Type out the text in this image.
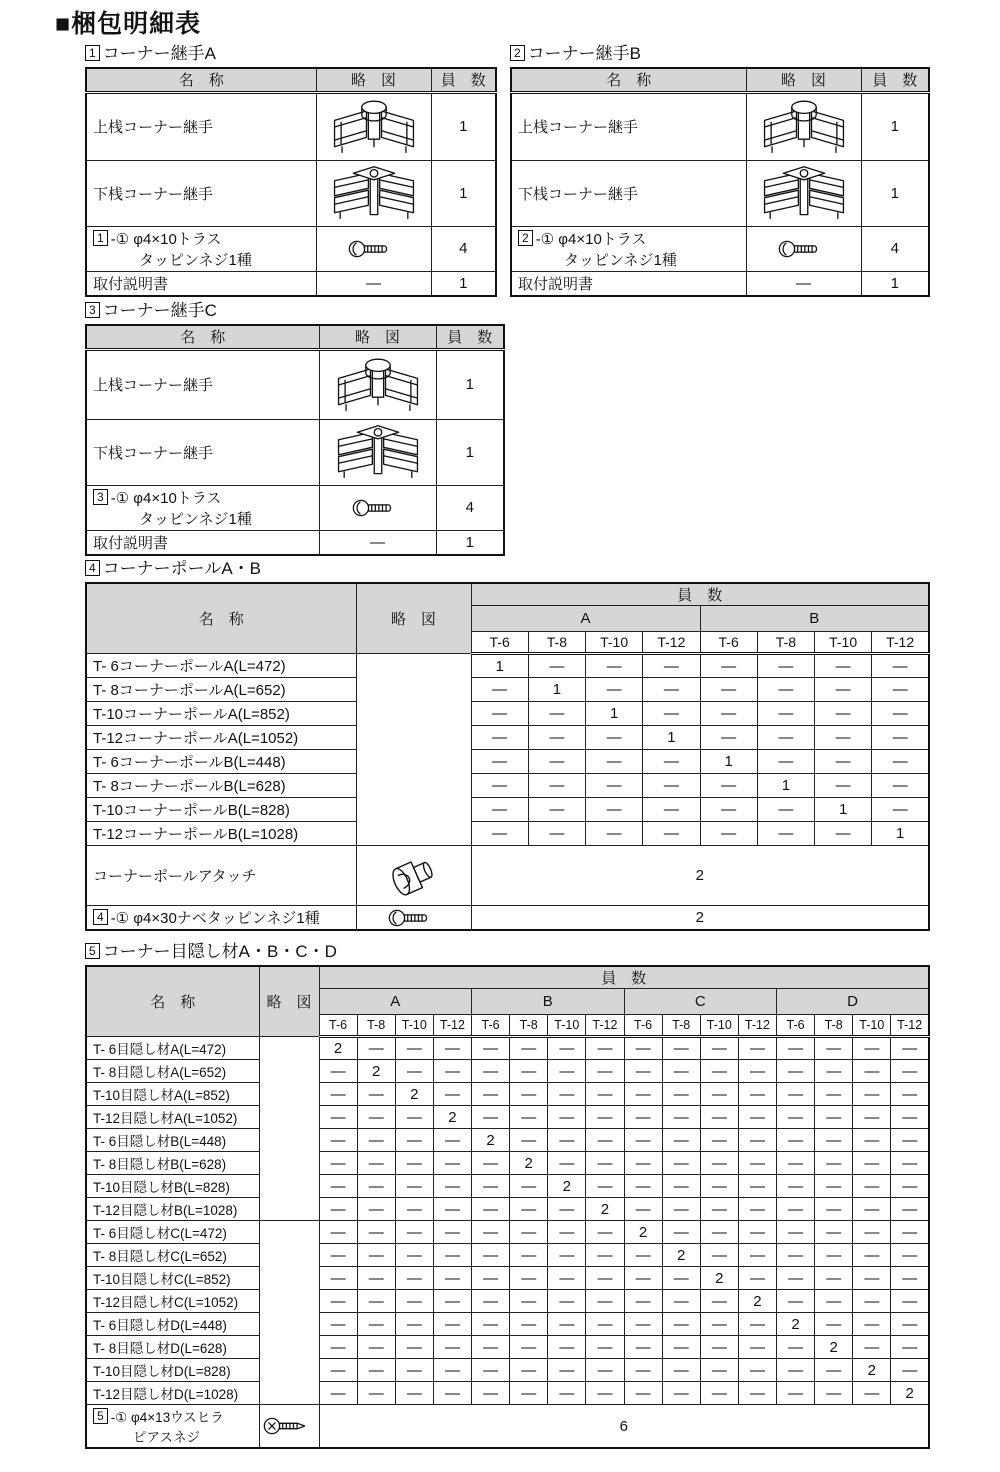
■梱包明細表
1 コーナー継手A
名　称	略　図	員　数
上桟コーナー継手		1
下桟コーナー継手		1

1 -① φ4×10トラス
タッピンネジ1種		4
取付説明書	—	1
2 コーナー継手B
名　称	略　図	員　数
上桟コーナー継手		1
下桟コーナー継手		1

2 -① φ4×10トラス
タッピンネジ1種		4
取付説明書	—	1
3 コーナー継手C
名　称	略　図	員　数
上桟コーナー継手		1
下桟コーナー継手		1

3 -① φ4×10トラス
タッピンネジ1種		4
取付説明書	—	1
4 コーナーポールA・B
名　称	略　図	員　数							
		A				B			
		T-6	T-8	T-10	T-12	T-6	T-8	T-10	T-12
T- 6コーナーポールA(L=472)		1	—	—	—	—	—	—	—
T- 8コーナーポールA(L=652)		—	1	—	—	—	—	—	—
T-10コーナーポールA(L=852)		—	—	1	—	—	—	—	—
T-12コーナーポールA(L=1052)		—	—	—	1	—	—	—	—
T- 6コーナーポールB(L=448)		—	—	—	—	1	—	—	—
T- 8コーナーポールB(L=628)		—	—	—	—	—	1	—	—
T-10コーナーポールB(L=828)		—	—	—	—	—	—	1	—
T-12コーナーポールB(L=1028)		—	—	—	—	—	—	—	1
コーナーポールアタッチ		2							
4 -① φ4×30ナベタッピンネジ1種		2							
5 コーナー目隠し材A・B・C・D
名　称	略　図	員　数															
		A				B				C				D			
		T-6	T-8	T-10	T-12	T-6	T-8	T-10	T-12	T-6	T-8	T-10	T-12	T-6	T-8	T-10	T-12
T- 6目隠し材A(L=472)		2	—	—	—	—	—	—	—	—	—	—	—	—	—	—	—
T- 8目隠し材A(L=652)		—	2	—	—	—	—	—	—	—	—	—	—	—	—	—	—
T-10目隠し材A(L=852)		—	—	2	—	—	—	—	—	—	—	—	—	—	—	—	—
T-12目隠し材A(L=1052)		—	—	—	2	—	—	—	—	—	—	—	—	—	—	—	—
T- 6目隠し材B(L=448)		—	—	—	—	2	—	—	—	—	—	—	—	—	—	—	—
T- 8目隠し材B(L=628)		—	—	—	—	—	2	—	—	—	—	—	—	—	—	—	—
T-10目隠し材B(L=828)		—	—	—	—	—	—	2	—	—	—	—	—	—	—	—	—
T-12目隠し材B(L=1028)		—	—	—	—	—	—	—	2	—	—	—	—	—	—	—	—
T- 6目隠し材C(L=472)		—	—	—	—	—	—	—	—	2	—	—	—	—	—	—	—
T- 8目隠し材C(L=652)		—	—	—	—	—	—	—	—	—	2	—	—	—	—	—	—
T-10目隠し材C(L=852)		—	—	—	—	—	—	—	—	—	—	2	—	—	—	—	—
T-12目隠し材C(L=1052)		—	—	—	—	—	—	—	—	—	—	—	2	—	—	—	—
T- 6目隠し材D(L=448)		—	—	—	—	—	—	—	—	—	—	—	—	2	—	—	—
T- 8目隠し材D(L=628)		—	—	—	—	—	—	—	—	—	—	—	—	—	2	—	—
T-10目隠し材D(L=828)		—	—	—	—	—	—	—	—	—	—	—	—	—	—	2	—
T-12目隠し材D(L=1028)		—	—	—	—	—	—	—	—	—	—	—	—	—	—	—	2

5 -① φ4×13ウスヒラ
ピアスネジ		6															
